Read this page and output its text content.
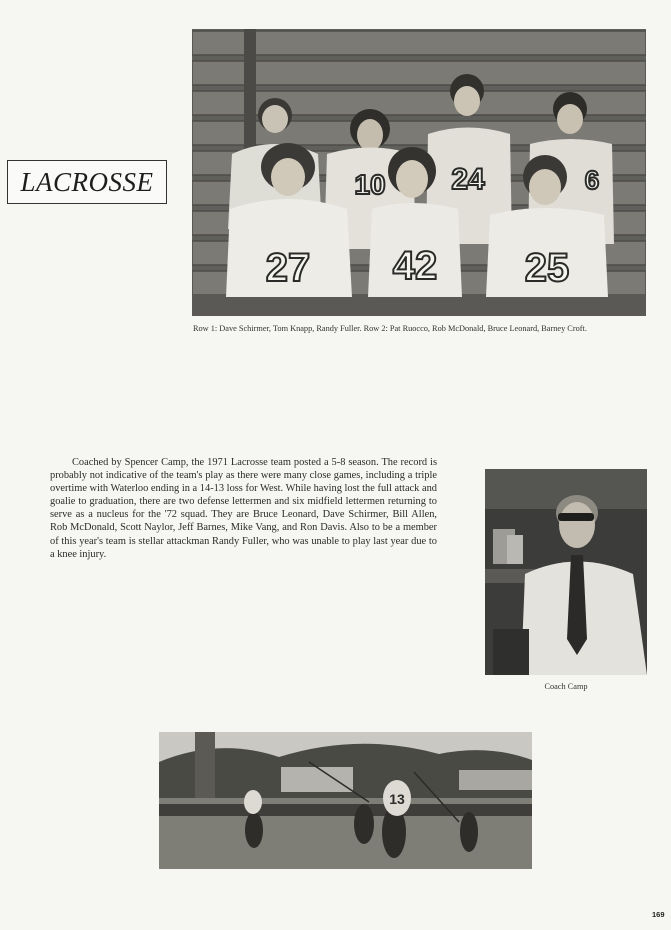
LACROSSE	10 24	6
27 42 25
Row 1: Dave Schirmer, Tom Knapp, Randy Fuller. Row 2: Pat Ruocco, Rob McDonald, Bruce Leonard, Barney Croft.

Coached by Spencer Camp, the 1971 Lacrosse team posted a 5-8 season. The record is probably not indicative of the team's play as there were many close games, including a triple overtime with Waterloo ending in a 14-13 loss for West. While having lost the full attack and goalie to graduation, there are two defense lettermen and six midfield lettermen returning to serve as a nucleus for the '72 squad. They are Bruce Leonard, Dave Schirmer, Bill Allen, Rob McDonald, Scott Naylor, Jeff Barnes, Mike Vang, and Ron Davis. Also to be a member of this year's team is stellar attackman Randy Fuller, who was unable to play last year due to a knee injury.

Coach Camp
13
169
